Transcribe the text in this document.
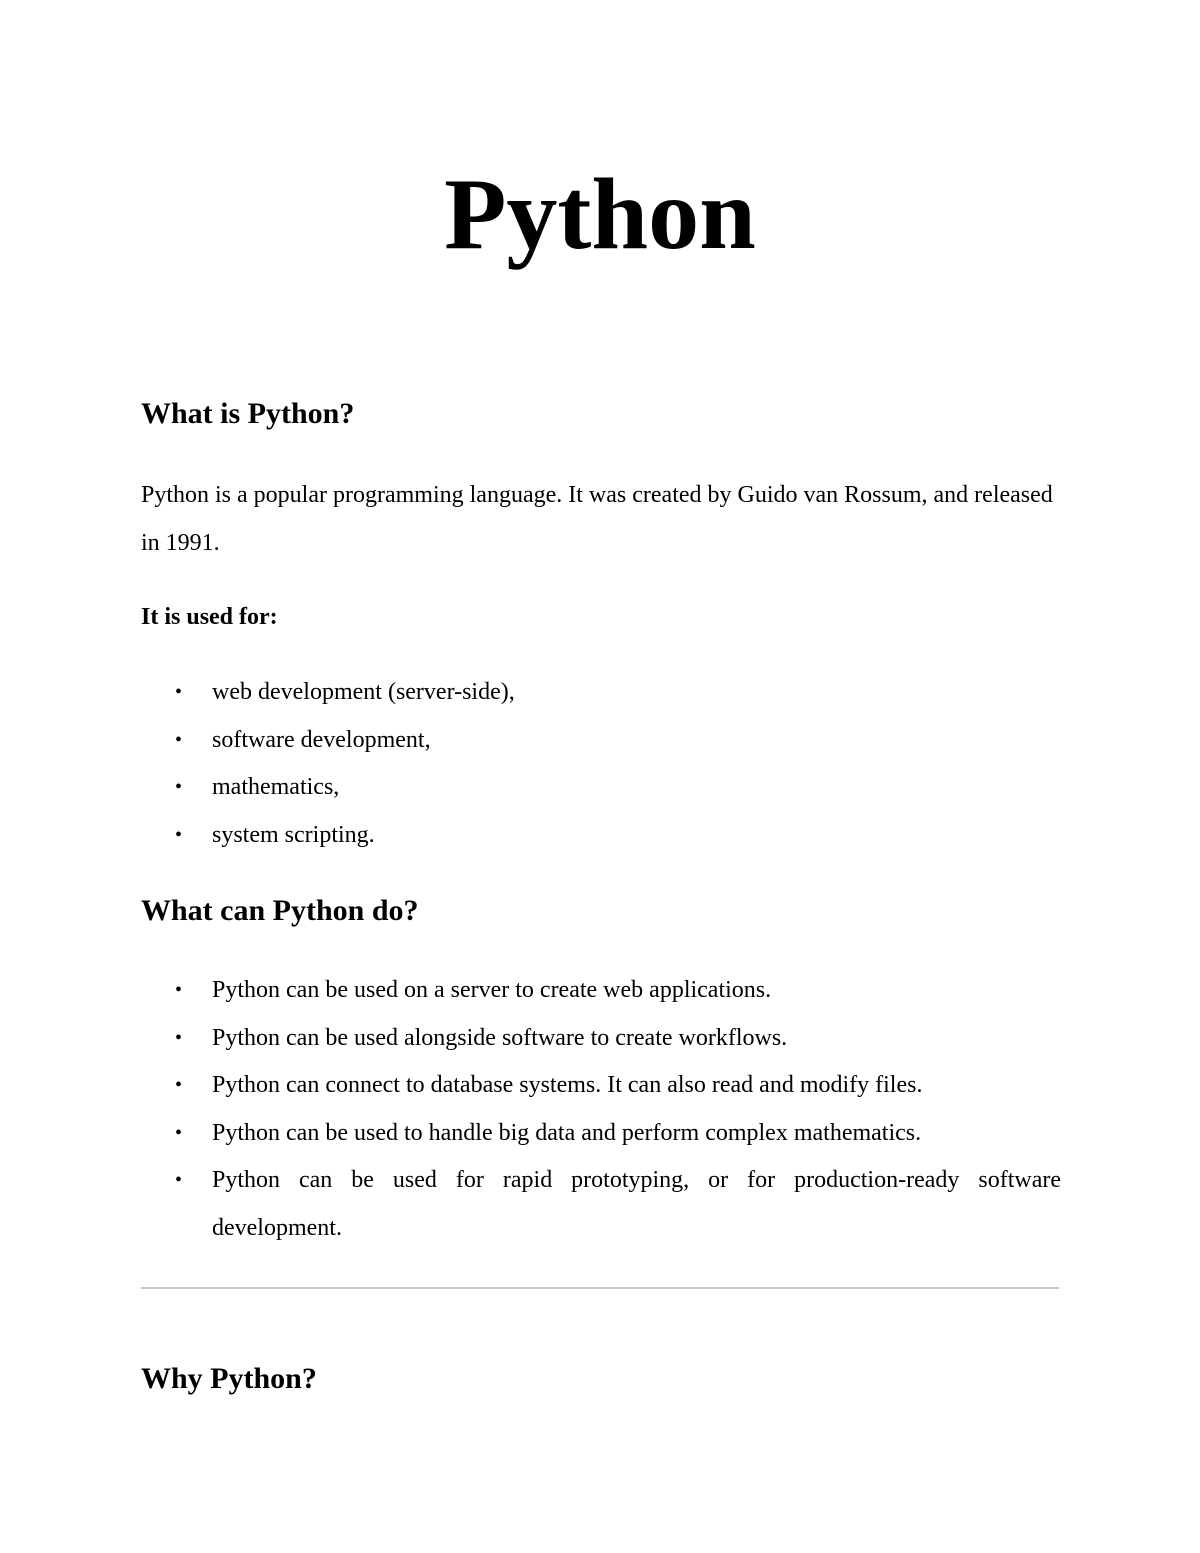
Python
What is Python?

Python is a popular programming language. It was created by Guido van Rossum, and released in 1991.

It is used for:

• web development (server-side),
• software development,
• mathematics,
• system scripting.
What can Python do?
• Python can be used on a server to create web applications.
• Python can be used alongside software to create workflows.
• Python can connect to database systems. It can also read and modify files.
• Python can be used to handle big data and perform complex mathematics.
• Python can be used for rapid prototyping, or for production-ready software development.
Why Python?
